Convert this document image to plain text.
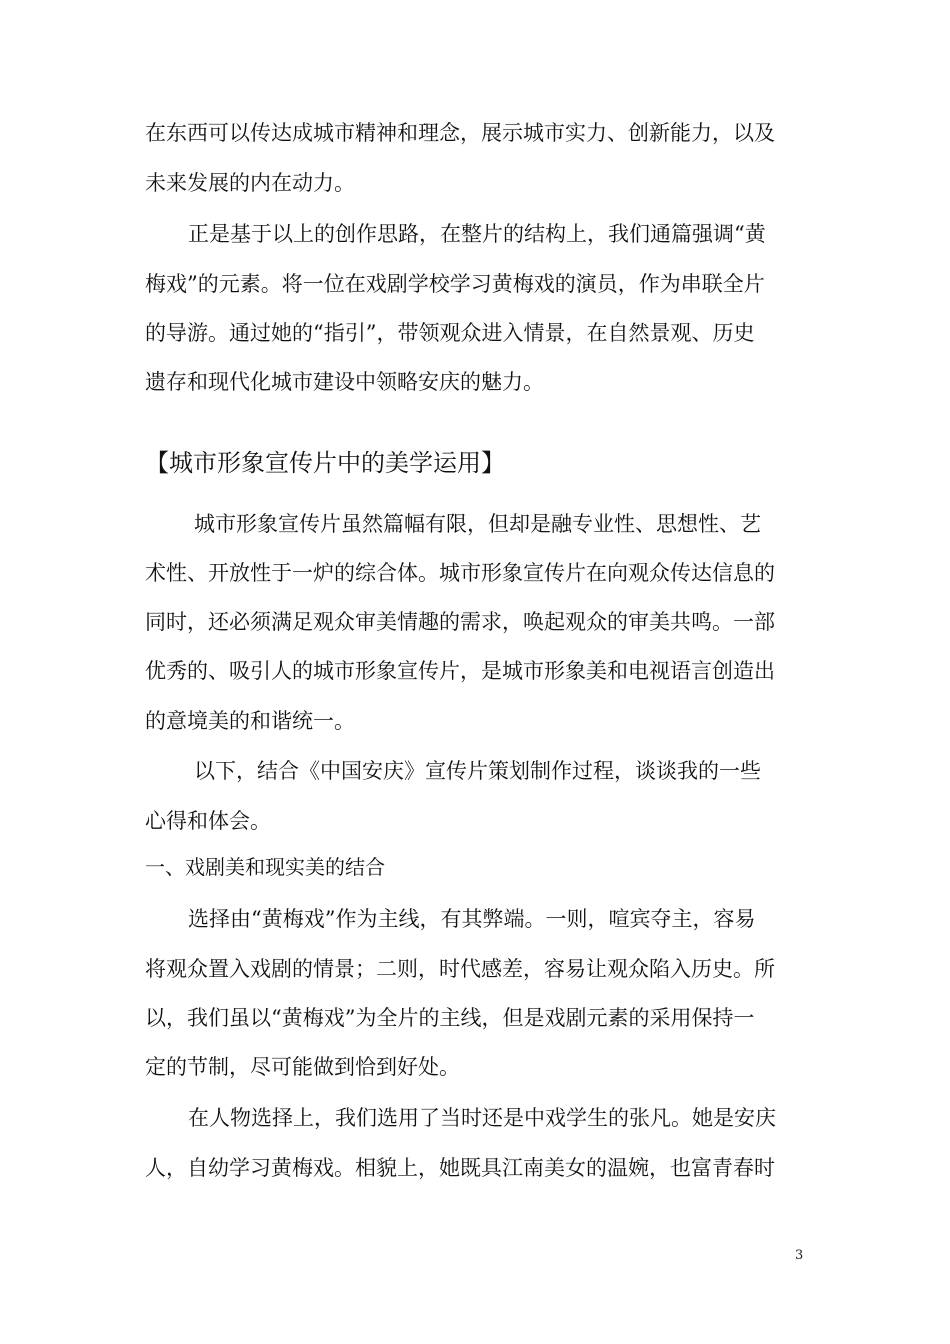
在东西可以传达成城市精神和理念，展示城市实力、创新能力，以及
未来发展的内在动力。
正是基于以上的创作思路，在整片的结构上，我们通篇强调“黄
梅戏”的元素。将一位在戏剧学校学习黄梅戏的演员，作为串联全片
的导游。通过她的“指引”，带领观众进入情景，在自然景观、历史
遗存和现代化城市建设中领略安庆的魅力。
【城市形象宣传片中的美学运用】
城市形象宣传片虽然篇幅有限，但却是融专业性、思想性、艺
术性、开放性于一炉的综合体。城市形象宣传片在向观众传达信息的
同时，还必须满足观众审美情趣的需求，唤起观众的审美共鸣。一部
优秀的、吸引人的城市形象宣传片，是城市形象美和电视语言创造出
的意境美的和谐统一。
以下，结合《中国安庆》宣传片策划制作过程，谈谈我的一些
心得和体会。
一、戏剧美和现实美的结合
选择由“黄梅戏”作为主线，有其弊端。一则，喧宾夺主，容易
将观众置入戏剧的情景；二则，时代感差，容易让观众陷入历史。所
以，我们虽以“黄梅戏”为全片的主线，但是戏剧元素的采用保持一
定的节制，尽可能做到恰到好处。
在人物选择上，我们选用了当时还是中戏学生的张凡。她是安庆
人，自幼学习黄梅戏。相貌上，她既具江南美女的温婉，也富青春时
3
